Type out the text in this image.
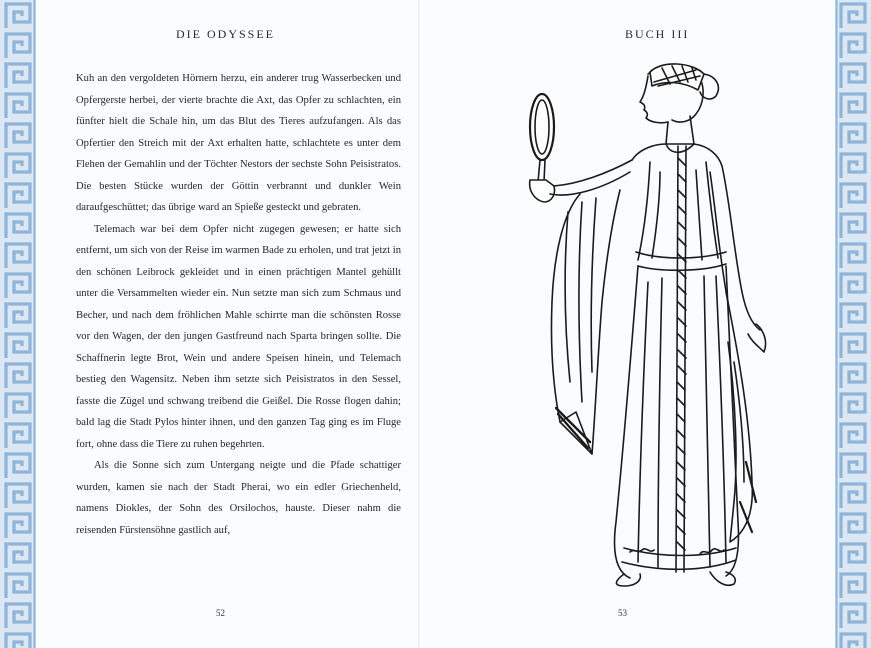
DIE ODYSSEE

Kuh an den vergoldeten Hörnern herzu, ein anderer trug Wasserbecken und Opfergerste herbei, der vierte brachte die Axt, das Opfer zu schlachten, ein fünfter hielt die Schale hin, um das Blut des Tieres aufzufangen. Als das Opfertier den Streich mit der Axt erhalten hatte, schlachtete es unter dem Flehen der Gemahlin und der Töchter Nestors der sechste Sohn Peisistratos. Die besten Stücke wurden der Göttin verbrannt und dunkler Wein daraufgeschüttet; das übrige ward an Spieße gesteckt und gebraten.

Telemach war bei dem Opfer nicht zugegen gewesen; er hatte sich entfernt, um sich von der Reise im warmen Bade zu erholen, und trat jetzt in den schönen Leibrock gekleidet und in einen prächtigen Mantel gehüllt unter die Versammelten wieder ein. Nun setzte man sich zum Schmaus und Becher, und nach dem fröhlichen Mahle schirrte man die schönsten Rosse vor den Wagen, der den jungen Gastfreund nach Sparta bringen sollte. Die Schaffnerin legte Brot, Wein und andere Speisen hinein, und Telemach bestieg den Wagensitz. Neben ihm setzte sich Peisistratos in den Sessel, fasste die Zügel und schwang treibend die Geißel. Die Rosse flogen dahin; bald lag die Stadt Pylos hinter ihnen, und den ganzen Tag ging es im Fluge fort, ohne dass die Tiere zu ruhen begehrten.

Als die Sonne sich zum Untergang neigte und die Pfade schattiger wurden, kamen sie nach der Stadt Pherai, wo ein edler Griechenheld, namens Diokles, der Sohn des Orsilochos, hauste. Dieser nahm die reisenden Fürstensöhne gastlich auf,

52
BUCH III
53
